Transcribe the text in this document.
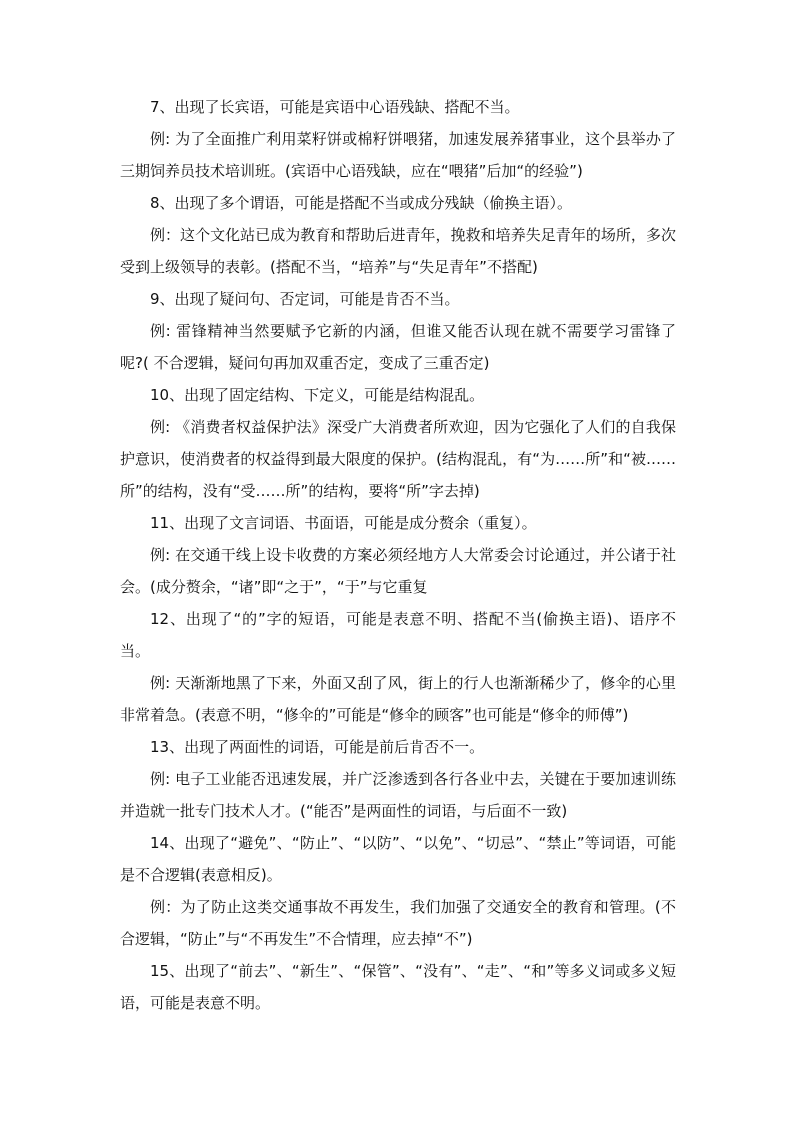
7、出现了长宾语，可能是宾语中心语残缺、搭配不当。

例: 为了全面推广利用菜籽饼或棉籽饼喂猪，加速发展养猪事业，这个县举办了三期饲养员技术培训班。(宾语中心语残缺，应在“喂猪”后加“的经验”)

8、出现了多个谓语，可能是搭配不当或成分残缺（偷换主语）。

例：这个文化站已成为教育和帮助后进青年，挽救和培养失足青年的场所，多次受到上级领导的表彰。(搭配不当，“培养”与“失足青年”不搭配)

9、出现了疑问句、否定词，可能是肯否不当。

例: 雷锋精神当然要赋予它新的内涵，但谁又能否认现在就不需要学习雷锋了呢?( 不合逻辑，疑问句再加双重否定，变成了三重否定)

10、出现了固定结构、下定义，可能是结构混乱。

例: 《消费者权益保护法》深受广大消费者所欢迎，因为它强化了人们的自我保护意识，使消费者的权益得到最大限度的保护。(结构混乱，有“为……所”和“被……所”的结构，没有“受……所”的结构，要将“所”字去掉)

11、出现了文言词语、书面语，可能是成分赘余（重复）。

例: 在交通干线上设卡收费的方案必须经地方人大常委会讨论通过，并公诸于社会。(成分赘余，“诸”即“之于”，“于”与它重复

12、出现了“的”字的短语，可能是表意不明、搭配不当(偷换主语)、语序不当。

例: 天渐渐地黑了下来，外面又刮了风，街上的行人也渐渐稀少了，修伞的心里非常着急。(表意不明，“修伞的”可能是“修伞的顾客”也可能是“修伞的师傅”)

13、出现了两面性的词语，可能是前后肯否不一。

例: 电子工业能否迅速发展，并广泛渗透到各行各业中去，关键在于要加速训练并造就一批专门技术人才。(“能否”是两面性的词语，与后面不一致)

14、出现了“避免”、“防止”、“以防”、“以免”、“切忌”、“禁止”等词语，可能是不合逻辑(表意相反)。

例：为了防止这类交通事故不再发生，我们加强了交通安全的教育和管理。(不合逻辑，“防止”与“不再发生”不合情理，应去掉“不”)

15、出现了“前去”、“新生”、“保管”、“没有”、“走”、“和”等多义词或多义短语，可能是表意不明。
